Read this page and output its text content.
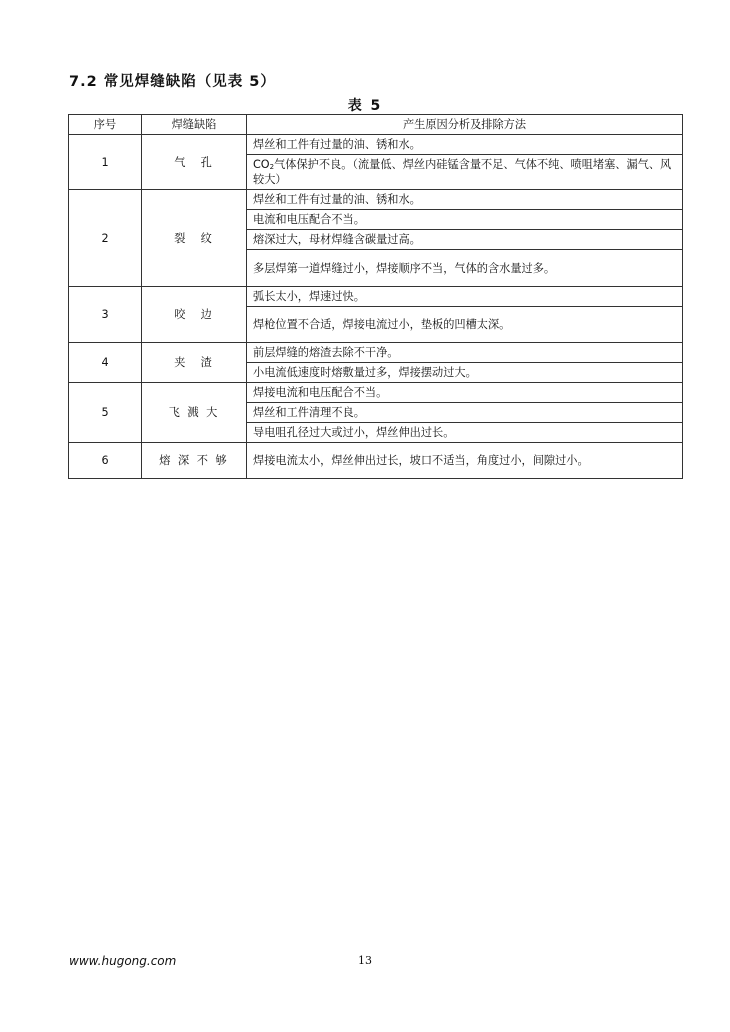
7.2 常见焊缝缺陷（见表 5）
表 5
序号	焊缝缺陷	产生原因分析及排除方法
1	气　孔	焊丝和工件有过量的油、锈和水。
		$CO_2$气体保护不良。（流量低、焊丝内硅锰含量不足、气体不纯、喷咀堵塞、漏气、风较大）
2	裂　纹	焊丝和工件有过量的油、锈和水。
		电流和电压配合不当。
		熔深过大，母材焊缝含碳量过高。
		多层焊第一道焊缝过小，焊接顺序不当，气体的含水量过多。
3	咬　边	弧长太小，焊速过快。
		焊枪位置不合适，焊接电流过小，垫板的凹槽太深。
4	夹　渣	前层焊缝的熔渣去除不干净。
		小电流低速度时熔敷量过多，焊接摆动过大。
5	飞 溅 大	焊接电流和电压配合不当。
		焊丝和工件清理不良。
		导电咀孔径过大或过小，焊丝伸出过长。
6	熔 深 不 够	焊接电流太小，焊丝伸出过长，坡口不适当，角度过小，间隙过小。
www.hugong.com	13
